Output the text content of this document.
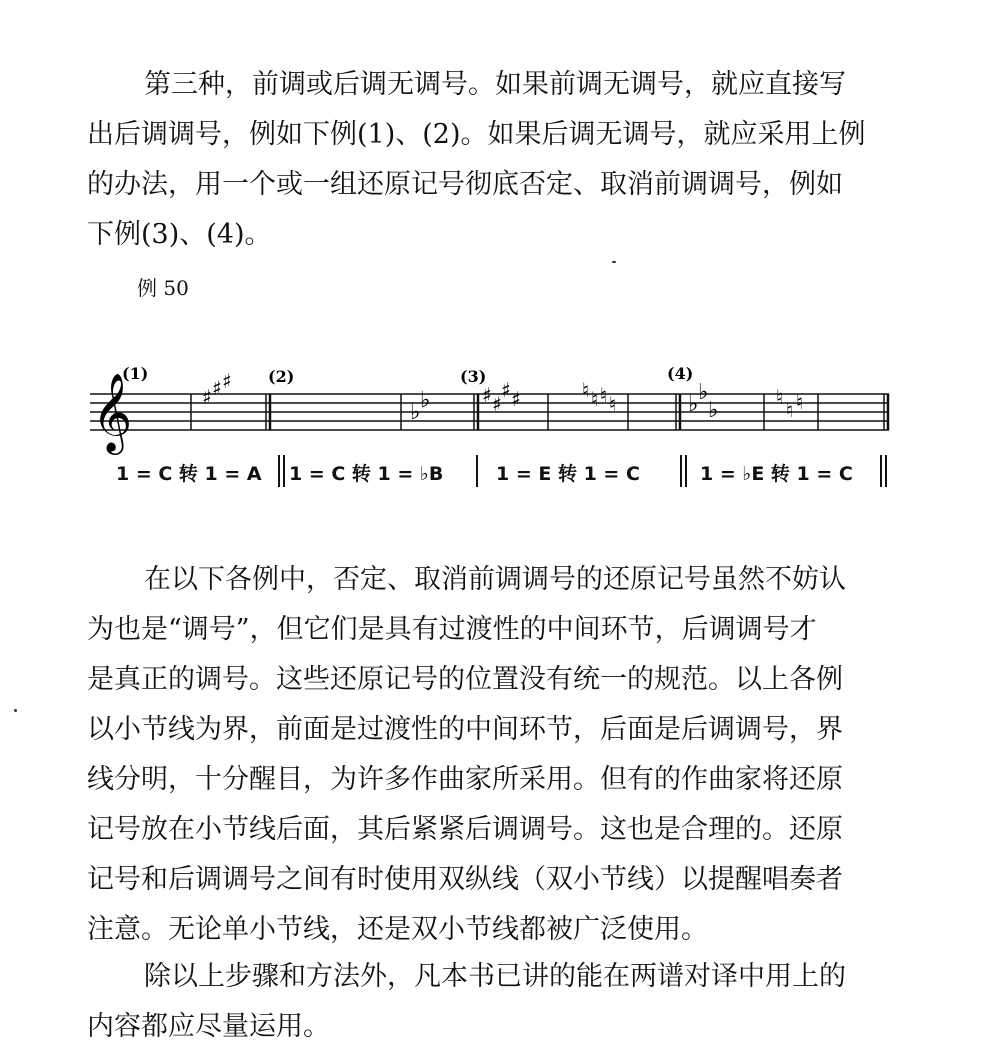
第三种，前调或后调无调号。如果前调无调号，就应直接写
出后调调号，例如下例(1)、(2)。如果后调无调号，就应采用上例
的办法，用一个或一组还原记号彻底否定、取消前调调号，例如
下例(3)、(4)。
例 50
𝄞
(1)	(2)	(3)	(4)
♯ ♯ ♯
♭ ♭	♯ ♯
♯ ♯	♮ ♮ ♮ ♮	♭ ♭
♭
♮
♮ ♮
1 = C 转 1 = A 1 = C 转 1 = ♭B	1 = E 转 1 = C	1 = ♭E 转 1 = C
在以下各例中，否定、取消前调调号的还原记号虽然不妨认
为也是“调号”，但它们是具有过渡性的中间环节，后调调号才
是真正的调号。这些还原记号的位置没有统一的规范。以上各例
以小节线为界，前面是过渡性的中间环节，后面是后调调号，界
线分明，十分醒目，为许多作曲家所采用。但有的作曲家将还原
记号放在小节线后面，其后紧紧后调调号。这也是合理的。还原
记号和后调调号之间有时使用双纵线（双小节线）以提醒唱奏者
注意。无论单小节线，还是双小节线都被广泛使用。
除以上步骤和方法外，凡本书已讲的能在两谱对译中用上的
内容都应尽量运用。
